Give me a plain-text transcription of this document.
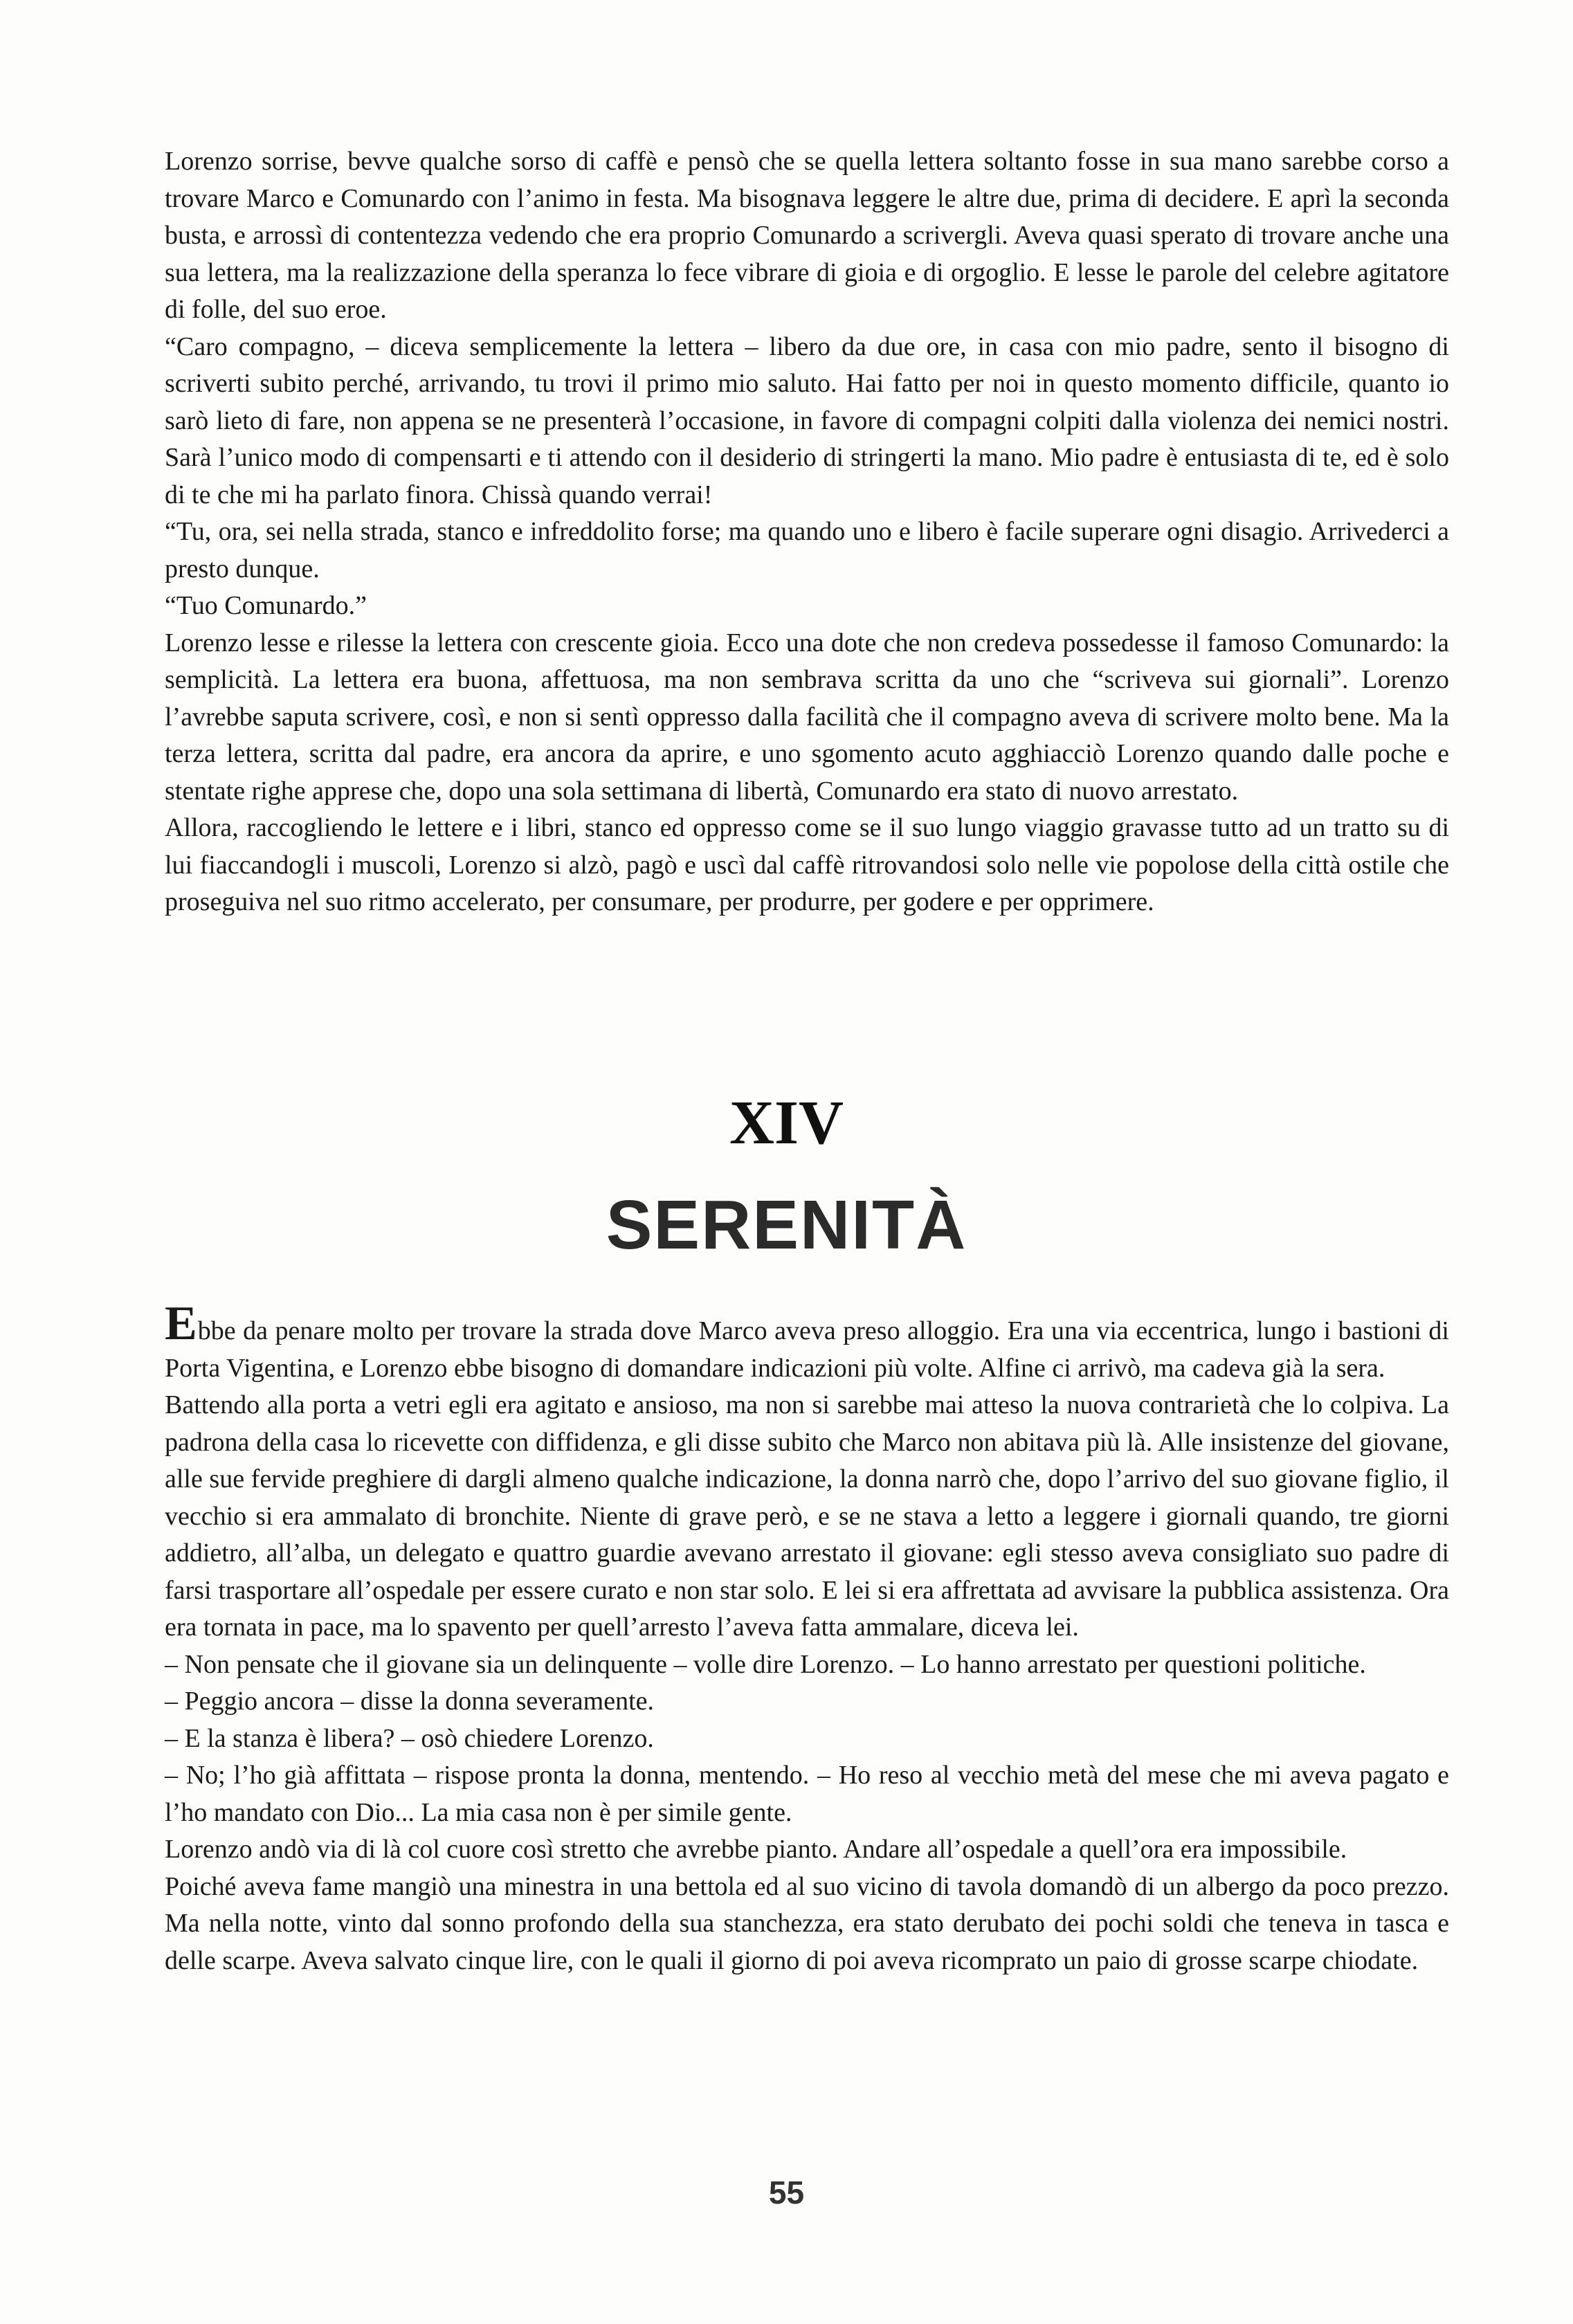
Lorenzo sorrise, bevve qualche sorso di caffè e pensò che se quella lettera soltanto fosse in sua mano sarebbe corso a trovare Marco e Comunardo con l’animo in festa. Ma bisognava leggere le altre due, prima di decidere. E aprì la seconda busta, e arrossì di contentezza vedendo che era proprio Comunardo a scrivergli. Aveva quasi sperato di trovare anche una sua lettera, ma la realizzazione della speranza lo fece vibrare di gioia e di orgoglio. E lesse le parole del celebre agitatore di folle, del suo eroe.

“Caro compagno, – diceva semplicemente la lettera – libero da due ore, in casa con mio padre, sento il bisogno di scriverti subito perché, arrivando, tu trovi il primo mio saluto. Hai fatto per noi in questo momento difficile, quanto io sarò lieto di fare, non appena se ne presenterà l’occasione, in favore di compagni colpiti dalla violenza dei nemici nostri. Sarà l’unico modo di compensarti e ti attendo con il desiderio di stringerti la mano. Mio padre è entusiasta di te, ed è solo di te che mi ha parlato finora. Chissà quando verrai!

“Tu, ora, sei nella strada, stanco e infreddolito forse; ma quando uno e libero è facile superare ogni disagio. Arrivederci a presto dunque.

“Tuo Comunardo.”

Lorenzo lesse e rilesse la lettera con crescente gioia. Ecco una dote che non credeva possedesse il famoso Comunardo: la semplicità. La lettera era buona, affettuosa, ma non sembrava scritta da uno che “scriveva sui giornali”. Lorenzo l’avrebbe saputa scrivere, così, e non si sentì oppresso dalla facilità che il compagno aveva di scrivere molto bene. Ma la terza lettera, scritta dal padre, era ancora da aprire, e uno sgomento acuto agghiacciò Lorenzo quando dalle poche e stentate righe apprese che, dopo una sola settimana di libertà, Comunardo era stato di nuovo arrestato.

Allora, raccogliendo le lettere e i libri, stanco ed oppresso come se il suo lungo viaggio gravasse tutto ad un tratto su di lui fiaccandogli i muscoli, Lorenzo si alzò, pagò e uscì dal caffè ritrovandosi solo nelle vie popolose della città ostile che proseguiva nel suo ritmo accelerato, per consumare, per produrre, per godere e per opprimere.

XIV
SERENITÀ

Ebbe da penare molto per trovare la strada dove Marco aveva preso alloggio. Era una via eccentrica, lungo i bastioni di Porta Vigentina, e Lorenzo ebbe bisogno di domandare indicazioni più volte. Alfine ci arrivò, ma cadeva già la sera.

Battendo alla porta a vetri egli era agitato e ansioso, ma non si sarebbe mai atteso la nuova contrarietà che lo colpiva. La padrona della casa lo ricevette con diffidenza, e gli disse subito che Marco non abitava più là. Alle insistenze del giovane, alle sue fervide preghiere di dargli almeno qualche indicazione, la donna narrò che, dopo l’arrivo del suo giovane figlio, il vecchio si era ammalato di bronchite. Niente di grave però, e se ne stava a letto a leggere i giornali quando, tre giorni addietro, all’alba, un delegato e quattro guardie avevano arrestato il giovane: egli stesso aveva consigliato suo padre di farsi trasportare all’ospedale per essere curato e non star solo. E lei si era affrettata ad avvisare la pubblica assistenza. Ora era tornata in pace, ma lo spavento per quell’arresto l’aveva fatta ammalare, diceva lei.

– Non pensate che il giovane sia un delinquente – volle dire Lorenzo. – Lo hanno arrestato per questioni politiche.

– Peggio ancora – disse la donna severamente.

– E la stanza è libera? – osò chiedere Lorenzo.

– No; l’ho già affittata – rispose pronta la donna, mentendo. – Ho reso al vecchio metà del mese che mi aveva pagato e l’ho mandato con Dio... La mia casa non è per simile gente.

Lorenzo andò via di là col cuore così stretto che avrebbe pianto. Andare all’ospedale a quell’ora era impossibile.

Poiché aveva fame mangiò una minestra in una bettola ed al suo vicino di tavola domandò di un albergo da poco prezzo. Ma nella notte, vinto dal sonno profondo della sua stanchezza, era stato derubato dei pochi soldi che teneva in tasca e delle scarpe. Aveva salvato cinque lire, con le quali il giorno di poi aveva ricomprato un paio di grosse scarpe chiodate.

55
